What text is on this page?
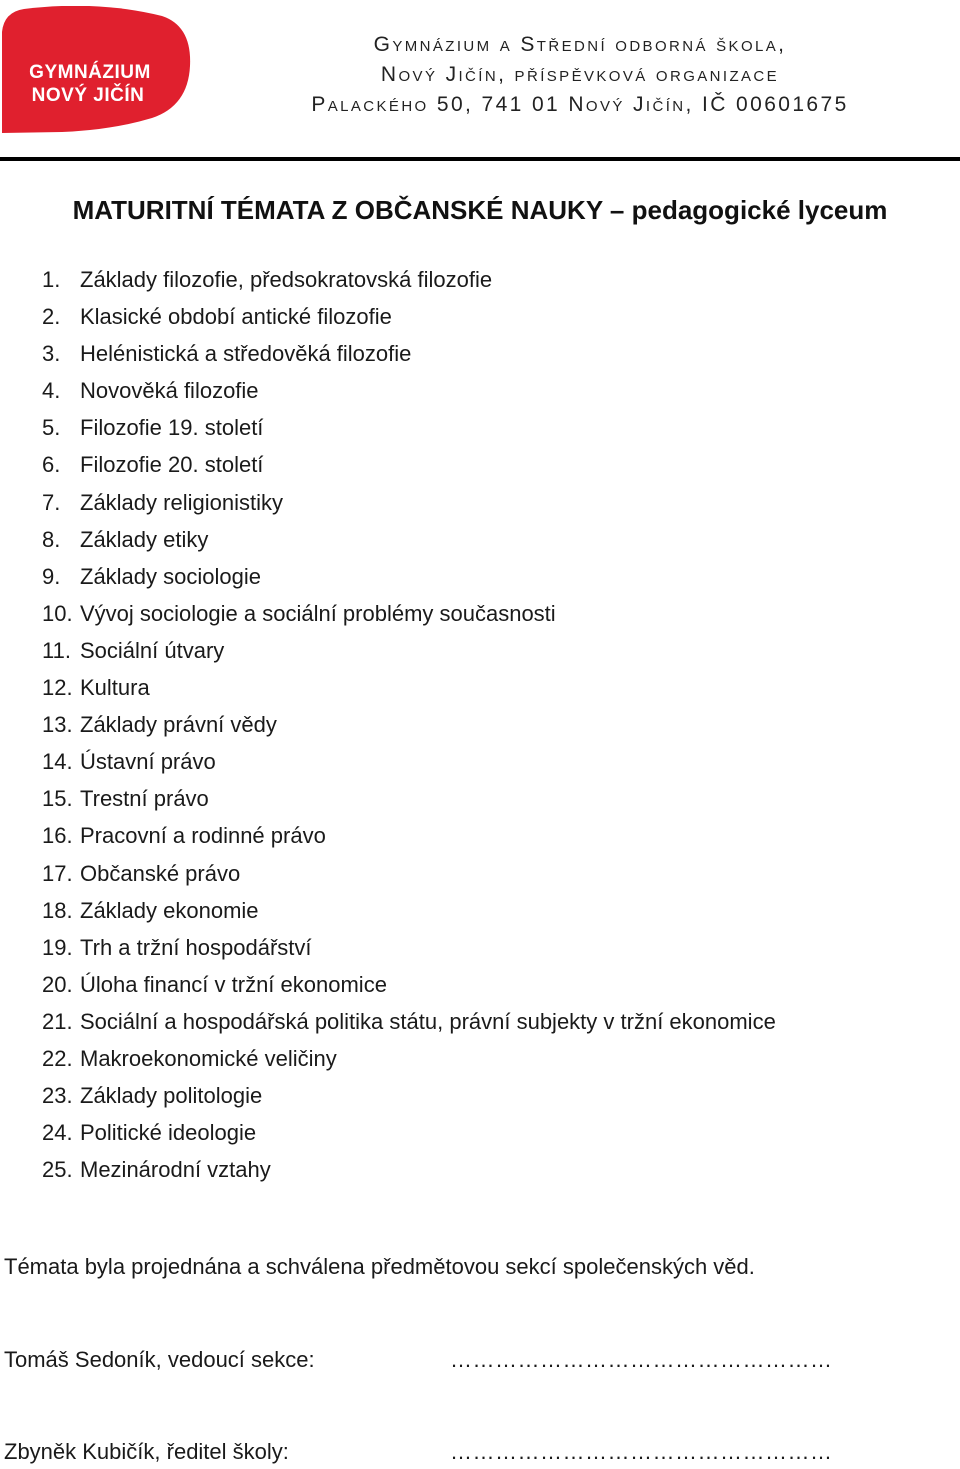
GYMNÁZIUM
NOVÝ JIČÍN
Gymnázium a Střední odborná škola,
Nový Jičín, příspěvková organizace
Palackého 50, 741 01 Nový Jičín, IČ 00601675
MATURITNÍ TÉMATA Z OBČANSKÉ NAUKY – pedagogické lyceum
1. Základy filozofie, předsokratovská filozofie
2. Klasické období antické filozofie
3. Helénistická a středověká filozofie
4. Novověká filozofie
5. Filozofie 19. století
6. Filozofie 20. století
7. Základy religionistiky
8. Základy etiky
9. Základy sociologie
10. Vývoj sociologie a sociální problémy současnosti
11. Sociální útvary
12. Kultura
13. Základy právní vědy
14. Ústavní právo
15. Trestní právo
16. Pracovní a rodinné právo
17. Občanské právo
18. Základy ekonomie
19. Trh a tržní hospodářství
20. Úloha financí v tržní ekonomice
21. Sociální a hospodářská politika státu, právní subjekty v tržní ekonomice
22. Makroekonomické veličiny
23. Základy politologie
24. Politické ideologie
25. Mezinárodní vztahy
Témata byla projednána a schválena předmětovou sekcí společenských věd.
Tomáš Sedoník, vedoucí sekce:	……………………………………………
Zbyněk Kubičík, ředitel školy:	……………………………………………
